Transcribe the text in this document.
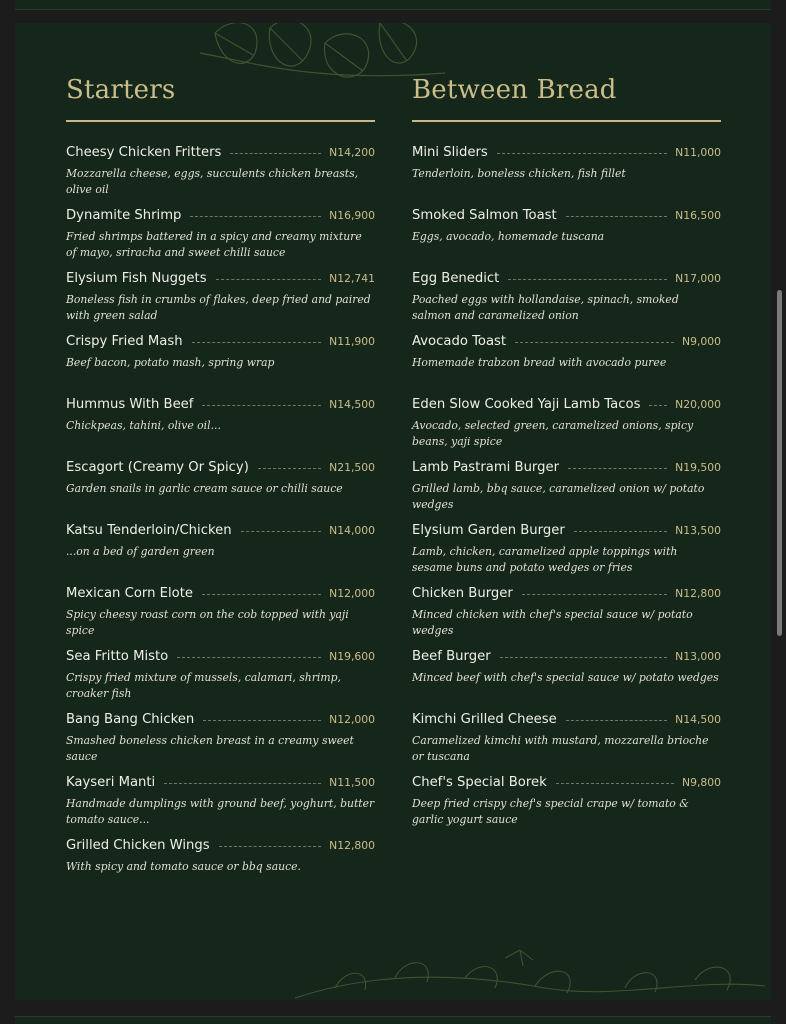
Starters
Cheesy Chicken Fritters	N14,200
Mozzarella cheese, eggs, succulents chicken breasts, olive oil
Dynamite Shrimp	N16,900
Fried shrimps battered in a spicy and creamy mixture of mayo, sriracha and sweet chilli sauce
Elysium Fish Nuggets	N12,741
Boneless fish in crumbs of flakes, deep fried and paired with green salad
Crispy Fried Mash	N11,900
Beef bacon, potato mash, spring wrap
Hummus With Beef	N14,500
Chickpeas, tahini, olive oil...
Escagort (Creamy Or Spicy)	N21,500
Garden snails in garlic cream sauce or chilli sauce
Katsu Tenderloin/Chicken	N14,000
...on a bed of garden green
Mexican Corn Elote	N12,000
Spicy cheesy roast corn on the cob topped with yaji spice
Sea Fritto Misto	N19,600
Crispy fried mixture of mussels, calamari, shrimp, croaker fish
Bang Bang Chicken	N12,000
Smashed boneless chicken breast in a creamy sweet sauce
Kayseri Manti	N11,500
Handmade dumplings with ground beef, yoghurt, butter tomato sauce...
Grilled Chicken Wings	N12,800
With spicy and tomato sauce or bbq sauce.
Between Bread
Mini Sliders	N11,000
Tenderloin, boneless chicken, fish fillet
Smoked Salmon Toast	N16,500
Eggs, avocado, homemade tuscana
Egg Benedict	N17,000
Poached eggs with hollandaise, spinach, smoked salmon and caramelized onion
Avocado Toast	N9,000
Homemade trabzon bread with avocado puree
Eden Slow Cooked Yaji Lamb Tacos	N20,000
Avocado, selected green, caramelized onions, spicy beans, yaji spice
Lamb Pastrami Burger	N19,500
Grilled lamb, bbq sauce, caramelized onion w/ potato wedges
Elysium Garden Burger	N13,500
Lamb, chicken, caramelized apple toppings with sesame buns and potato wedges or fries
Chicken Burger	N12,800
Minced chicken with chef's special sauce w/ potato wedges
Beef Burger	N13,000
Minced beef with chef's special sauce w/ potato wedges
Kimchi Grilled Cheese	N14,500
Caramelized kimchi with mustard, mozzarella brioche or tuscana
Chef's Special Borek	N9,800
Deep fried crispy chef's special crape w/ tomato & garlic yogurt sauce
